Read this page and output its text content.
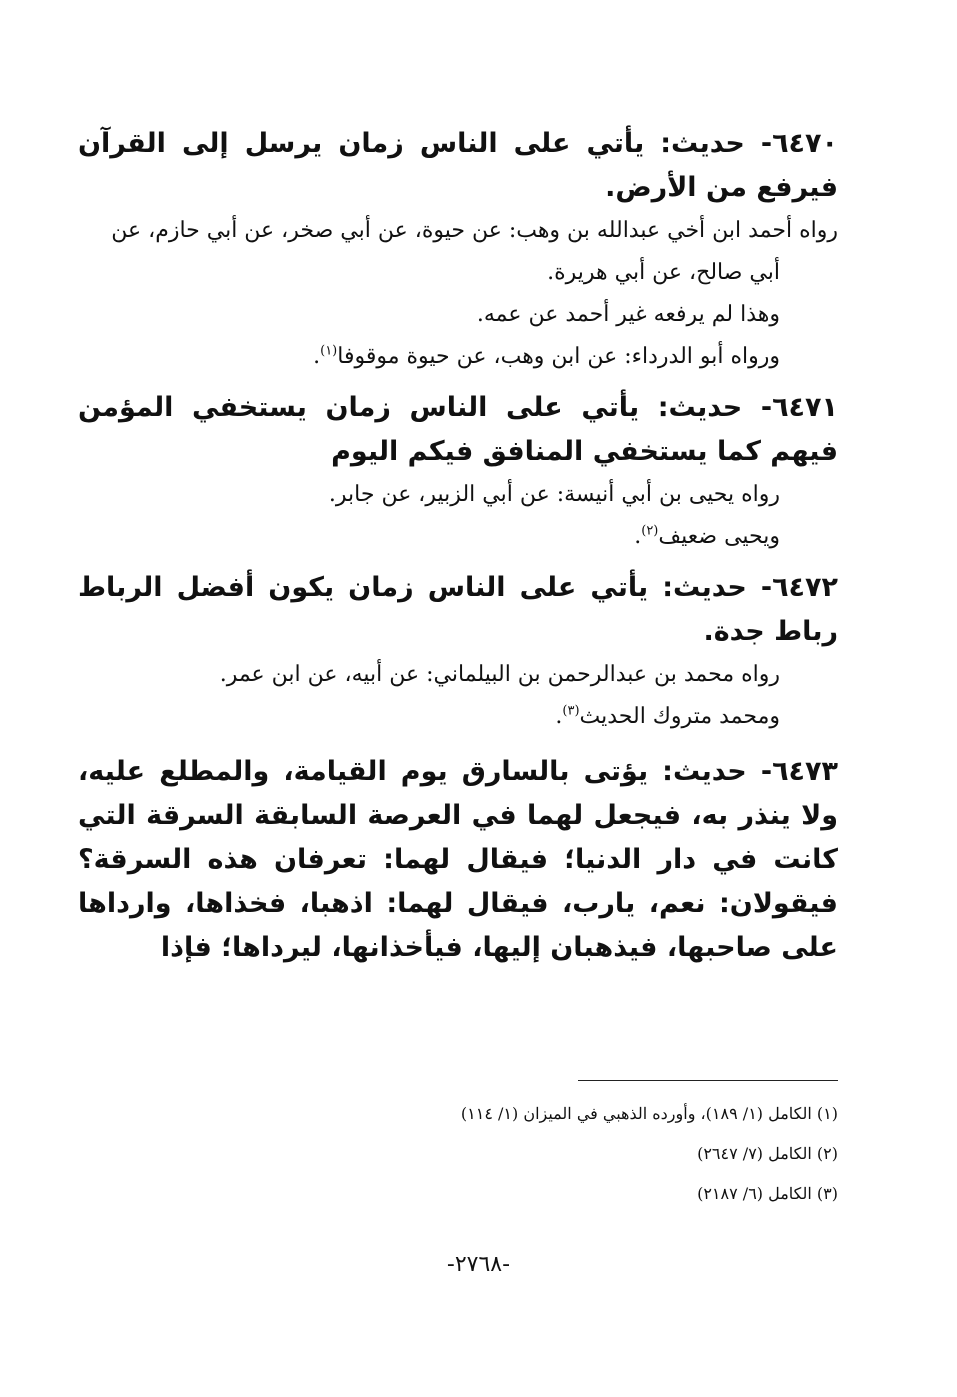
٦٤٧٠- حديث: يأتي على الناس زمان يرسل إلى القرآن فيرفع من الأرض.

رواه أحمد ابن أخي عبدالله بن وهب: عن حيوة، عن أبي صخر، عن أبي حازم، عن أبي صالح، عن أبي هريرة.

وهذا لم يرفعه غير أحمد عن عمه.

ورواه أبو الدرداء: عن ابن وهب، عن حيوة موقوفا$^{(١)}$.

٦٤٧١- حديث: يأتي على الناس زمان يستخفي المؤمن فيهم كما يستخفي المنافق فيكم اليوم

رواه يحيى بن أبي أنيسة: عن أبي الزبير، عن جابر.

ويحيى ضعيف$^{(٢)}$.

٦٤٧٢- حديث: يأتي على الناس زمان يكون أفضل الرباط رباط جدة.

رواه محمد بن عبدالرحمن بن البيلماني: عن أبيه، عن ابن عمر.

ومحمد متروك الحديث$^{(٣)}$.

٦٤٧٣- حديث: يؤتى بالسارق يوم القيامة، والمطلع عليه، ولا ينذر به، فيجعل لهما في العرصة السابقة السرقة التي كانت في دار الدنيا؛ فيقال لهما: تعرفان هذه السرقة؟ فيقولان: نعم، يارب، فيقال لهما: اذهبا، فخذاها، وارداها على صاحبها، فيذهبان إليها، فيأخذانها، ليرداها؛ فإذا

(١) الكامل (١/ ١٨٩)، وأورده الذهبي في الميزان (١/ ١١٤)
(٢) الكامل (٧/ ٢٦٤٧)
(٣) الكامل (٦/ ٢١٨٧)
-٢٧٦٨-
